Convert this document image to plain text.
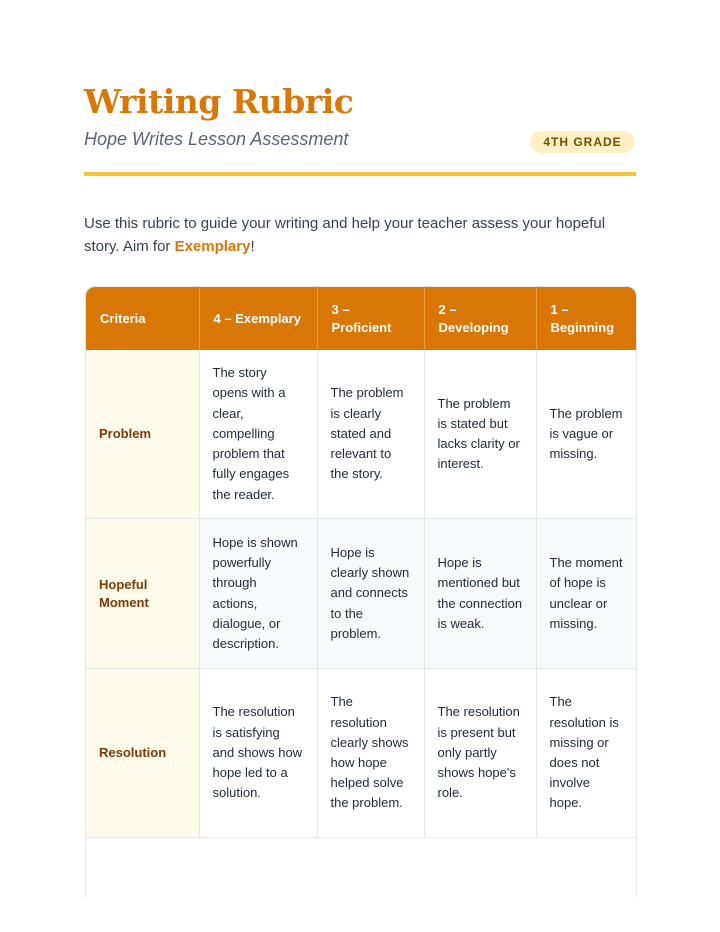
Writing Rubric
Hope Writes Lesson Assessment	4TH GRADE

Use this rubric to guide your writing and help your teacher assess your hopeful story. Aim for Exemplary!

Criteria	4 – Exemplary	3 – Proficient	2 – Developing	1 – Beginning
Problem	The story opens with a clear, compelling problem that fully engages the reader.	The problem is clearly stated and relevant to the story.	The problem is stated but lacks clarity or interest.	The problem is vague or missing.
Hopeful Moment	Hope is shown powerfully through actions, dialogue, or description.	Hope is clearly shown and connects to the problem.	Hope is mentioned but the connection is weak.	The moment of hope is unclear or missing.
Resolution	The resolution is satisfying and shows how hope led to a solution.	The resolution clearly shows how hope helped solve the problem.	The resolution is present but only partly shows hope's role.	The resolution is missing or does not involve hope.
